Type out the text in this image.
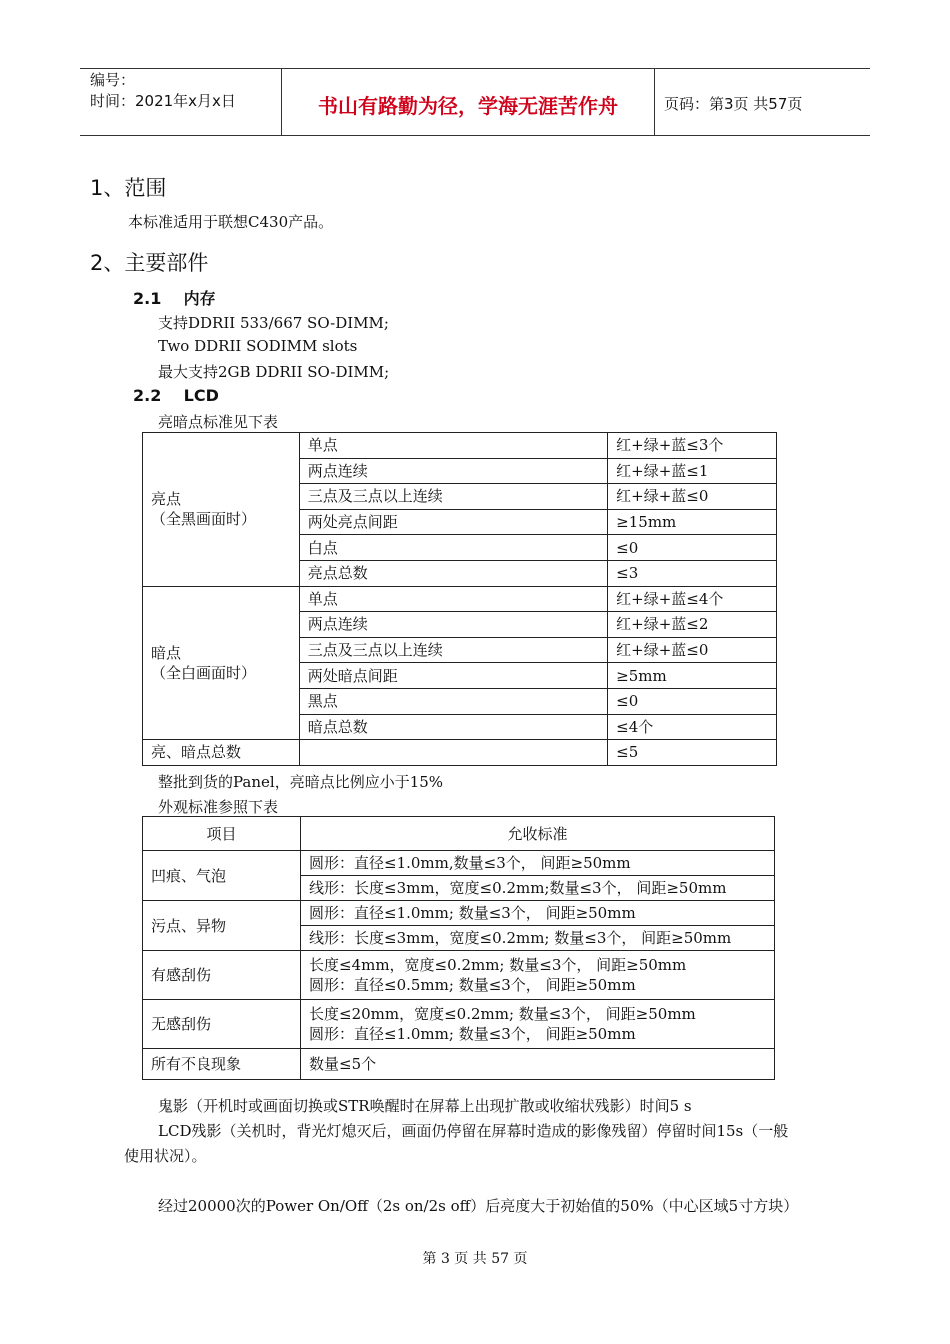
编号：
时间：2021年x月x日	书山有路勤为径，学海无涯苦作舟	页码：第3页 共57页
1、范围
本标准适用于联想C430产品。
2、主要部件
2.1    内存
支持DDRII 533/667 SO-DIMM;
Two DDRII SODIMM slots
最大支持2GB DDRII SO-DIMM;
2.2    LCD
亮暗点标准见下表
亮点
（全黑画面时）	单点	红+绿+蓝≤3个
	两点连续	红+绿+蓝≤1
	三点及三点以上连续	红+绿+蓝≤0
	两处亮点间距	≥15mm
	白点	≤0
	亮点总数	≤3

暗点
（全白画面时）	单点	红+绿+蓝≤4个
	两点连续	红+绿+蓝≤2
	三点及三点以上连续	红+绿+蓝≤0
	两处暗点间距	≥5mm
	黑点	≤0
	暗点总数	≤4个
亮、暗点总数		≤5
整批到货的Panel，亮暗点比例应小于15%
外观标准参照下表
项目	允收标准
凹痕、气泡	圆形：直径≤1.0mm,数量≤3个， 间距≥50mm
	线形：长度≤3mm，宽度≤0.2mm;数量≤3个， 间距≥50mm
污点、异物	圆形：直径≤1.0mm; 数量≤3个， 间距≥50mm
	线形：长度≤3mm，宽度≤0.2mm; 数量≤3个， 间距≥50mm
有感刮伤	长度≤4mm，宽度≤0.2mm; 数量≤3个， 间距≥50mm
圆形：直径≤0.5mm; 数量≤3个， 间距≥50mm

无感刮伤	长度≤20mm，宽度≤0.2mm; 数量≤3个， 间距≥50mm
圆形：直径≤1.0mm; 数量≤3个， 间距≥50mm

所有不良现象	数量≤5个
鬼影（开机时或画面切换或STR唤醒时在屏幕上出现扩散或收缩状残影）时间5 s
LCD残影（关机时，背光灯熄灭后，画面仍停留在屏幕时造成的影像残留）停留时间15s（一般
使用状况）。
经过20000次的Power On/Off（2s on/2s off）后亮度大于初始值的50%（中心区域5寸方块）
第 3 页 共 57 页
